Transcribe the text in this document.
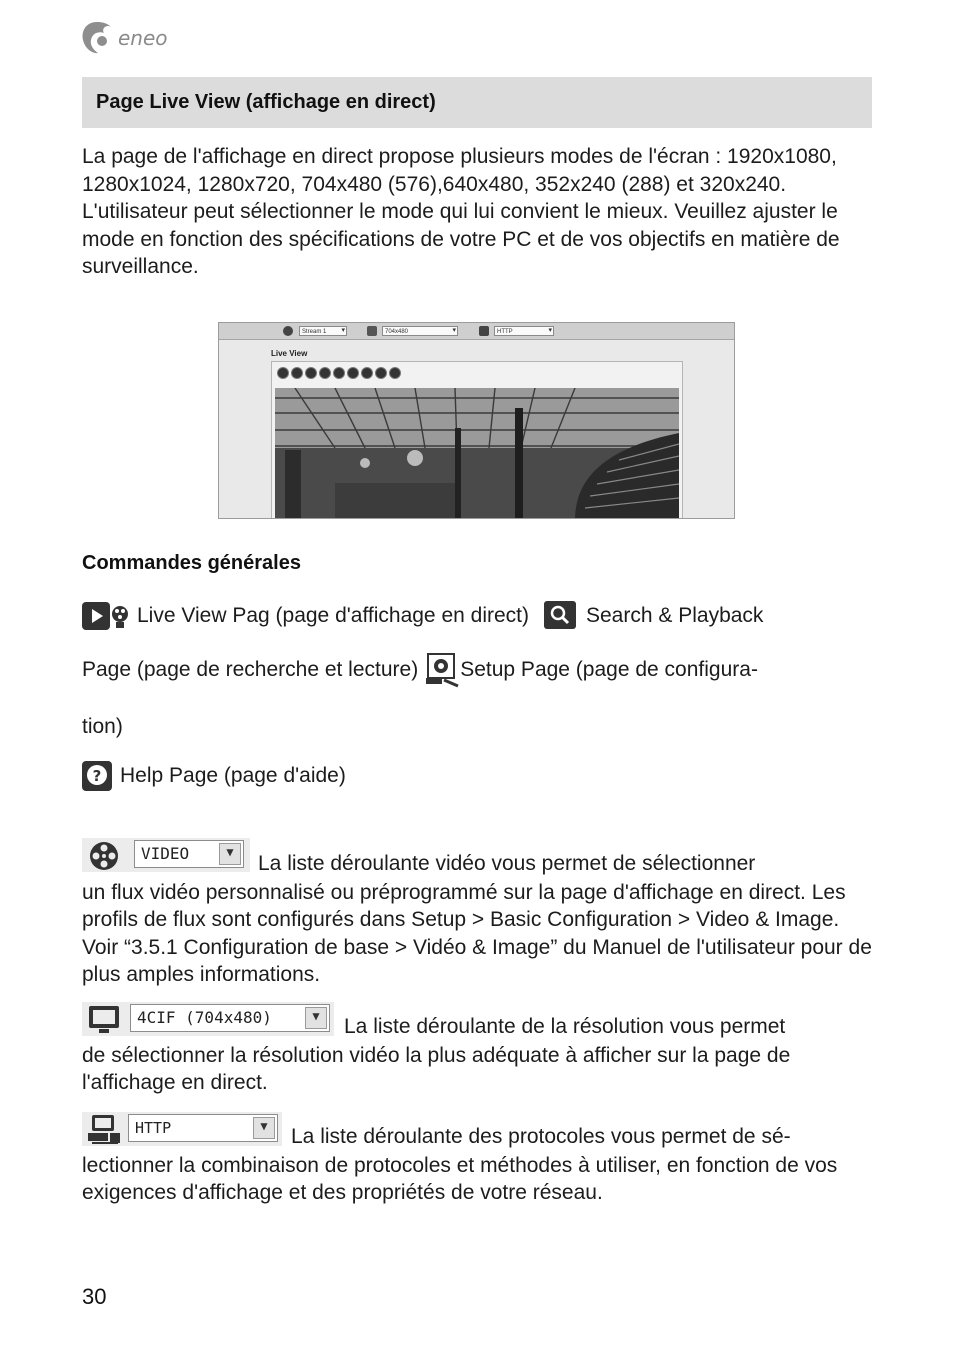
eneo
Page Live View (affichage en direct)
La page de l'affichage en direct propose plusieurs modes de l'écran : 1920x1080, 1280x1024, 1280x720, 704x480 (576),640x480, 352x240 (288) et 320x240. L'utilisateur peut sélectionner le mode qui lui convient le mieux. Veuillez ajuster le mode en fonction des spécifications de votre PC et de vos objectifs en matière de surveillance.
Stream 1 ▾	704x480 ▾	HTTP ▾
Live View
Commandes générales
Live View Pag (page d'affichage en direct)	Search & Playback
Page (page de recherche et lecture) Setup Page (page de configura-
tion)
? Help Page (page d'aide)
VIDEO	▼	La liste déroulante vidéo vous permet de sélectionner
un flux vidéo personnalisé ou préprogrammé sur la page d'affichage en direct. Les profils de flux sont configurés dans Setup > Basic Configuration > Video & Image. Voir “3.5.1 Configuration de base > Vidéo & Image” du Manuel de l'utilisateur pour de plus amples informations.
4CIF (704x480)	▼	La liste déroulante de la résolution vous permet
de sélectionner la résolution vidéo la plus adéquate à afficher sur la page de l'affichage en direct.
HTTP	▼	La liste déroulante des protocoles vous permet de sé-
lectionner la combinaison de protocoles et méthodes à utiliser, en fonction de vos exigences d'affichage et des propriétés de votre réseau.
30
